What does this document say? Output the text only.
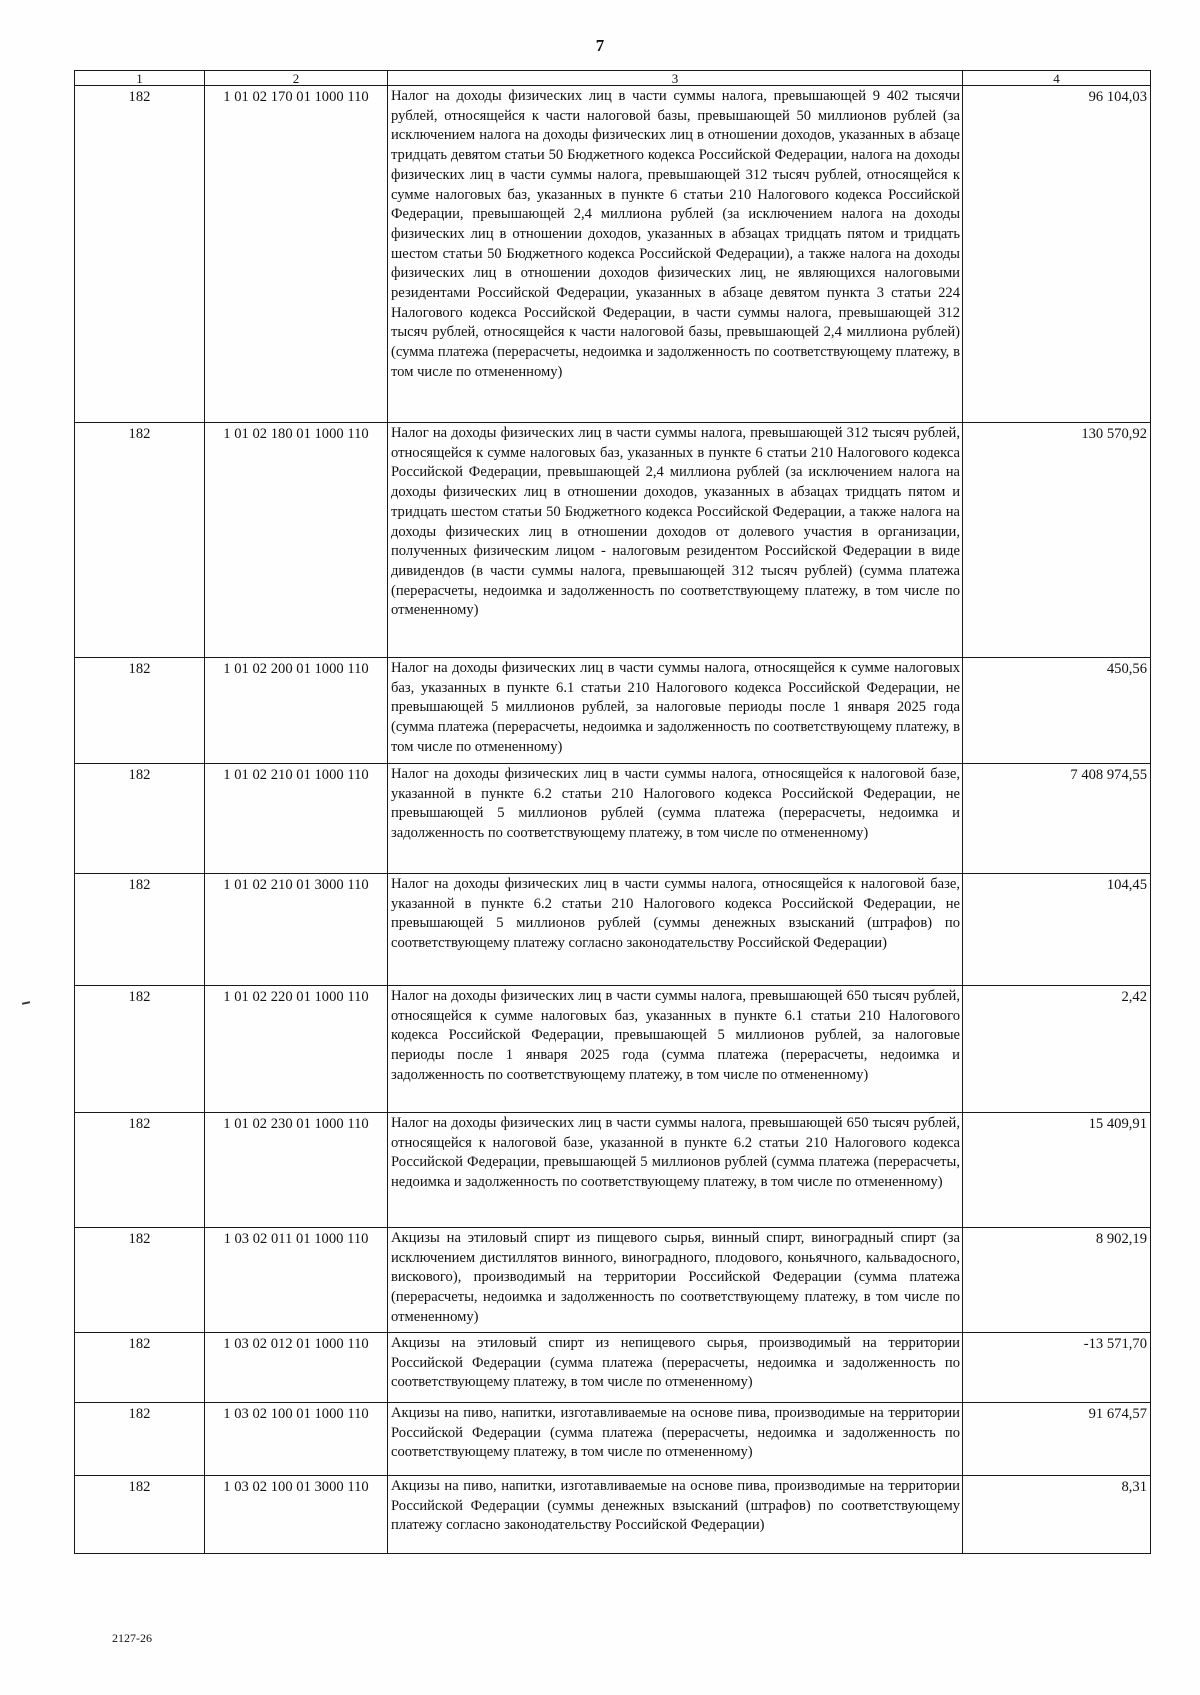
7
1	2	3	4
182	1 01 02 170 01 1000 110	Налог на доходы физических лиц в части суммы налога, превышающей 9 402 тысячи рублей, относящейся к части налоговой базы, превышающей 50 миллионов рублей (за исключением налога на доходы физических лиц в отношении доходов, указанных в абзаце тридцать девятом статьи 50 Бюджетного кодекса Российской Федерации, налога на доходы физических лиц в части суммы налога, превышающей 312 тысяч рублей, относящейся к сумме налоговых баз, указанных в пункте 6 статьи 210 Налогового кодекса Российской Федерации, превышающей 2,4 миллиона рублей (за исключением налога на доходы физических лиц в отношении доходов, указанных в абзацах тридцать пятом и тридцать шестом статьи 50 Бюджетного кодекса Российской Федерации), а также налога на доходы физических лиц в отношении доходов физических лиц, не являющихся налоговыми резидентами Российской Федерации, указанных в абзаце девятом пункта 3 статьи 224 Налогового кодекса Российской Федерации, в части суммы налога, превышающей 312 тысяч рублей, относящейся к части налоговой базы, превышающей 2,4 миллиона рублей) (сумма платежа (перерасчеты, недоимка и задолженность по соответствующему платежу, в том числе по отмененному)	96 104,03
182	1 01 02 180 01 1000 110	Налог на доходы физических лиц в части суммы налога, превышающей 312 тысяч рублей, относящейся к сумме налоговых баз, указанных в пункте 6 статьи 210 Налогового кодекса Российской Федерации, превышающей 2,4 миллиона рублей (за исключением налога на доходы физических лиц в отношении доходов, указанных в абзацах тридцать пятом и тридцать шестом статьи 50 Бюджетного кодекса Российской Федерации, а также налога на доходы физических лиц в отношении доходов от долевого участия в организации, полученных физическим лицом - налоговым резидентом Российской Федерации в виде дивидендов (в части суммы налога, превышающей 312 тысяч рублей) (сумма платежа (перерасчеты, недоимка и задолженность по соответствующему платежу, в том числе по отмененному)	130 570,92
182	1 01 02 200 01 1000 110	Налог на доходы физических лиц в части суммы налога, относящейся к сумме налоговых баз, указанных в пункте 6.1 статьи 210 Налогового кодекса Российской Федерации, не превышающей 5 миллионов рублей, за налоговые периоды после 1 января 2025 года (сумма платежа (перерасчеты, недоимка и задолженность по соответствующему платежу, в том числе по отмененному)	450,56
182	1 01 02 210 01 1000 110	Налог на доходы физических лиц в части суммы налога, относящейся к налоговой базе, указанной в пункте 6.2 статьи 210 Налогового кодекса Российской Федерации, не превышающей 5 миллионов рублей (сумма платежа (перерасчеты, недоимка и задолженность по соответствующему платежу, в том числе по отмененному)	7 408 974,55
182	1 01 02 210 01 3000 110	Налог на доходы физических лиц в части суммы налога, относящейся к налоговой базе, указанной в пункте 6.2 статьи 210 Налогового кодекса Российской Федерации, не превышающей 5 миллионов рублей (суммы денежных взысканий (штрафов) по соответствующему платежу согласно законодательству Российской Федерации)	104,45
182	1 01 02 220 01 1000 110	Налог на доходы физических лиц в части суммы налога, превышающей 650 тысяч рублей, относящейся к сумме налоговых баз, указанных в пункте 6.1 статьи 210 Налогового кодекса Российской Федерации, превышающей 5 миллионов рублей, за налоговые периоды после 1 января 2025 года (сумма платежа (перерасчеты, недоимка и задолженность по соответствующему платежу, в том числе по отмененному)	2,42
182	1 01 02 230 01 1000 110	Налог на доходы физических лиц в части суммы налога, превышающей 650 тысяч рублей, относящейся к налоговой базе, указанной в пункте 6.2 статьи 210 Налогового кодекса Российской Федерации, превышающей 5 миллионов рублей (сумма платежа (перерасчеты, недоимка и задолженность по соответствующему платежу, в том числе по отмененному)	15 409,91
182	1 03 02 011 01 1000 110	Акцизы на этиловый спирт из пищевого сырья, винный спирт, виноградный спирт (за исключением дистиллятов винного, виноградного, плодового, коньячного, кальвадосного, вискового), производимый на территории Российской Федерации (сумма платежа (перерасчеты, недоимка и задолженность по соответствующему платежу, в том числе по отмененному)	8 902,19
182	1 03 02 012 01 1000 110	Акцизы на этиловый спирт из непищевого сырья, производимый на территории Российской Федерации (сумма платежа (перерасчеты, недоимка и задолженность по соответствующему платежу, в том числе по отмененному)	-13 571,70
182	1 03 02 100 01 1000 110	Акцизы на пиво, напитки, изготавливаемые на основе пива, производимые на территории Российской Федерации (сумма платежа (перерасчеты, недоимка и задолженность по соответствующему платежу, в том числе по отмененному)	91 674,57
182	1 03 02 100 01 3000 110	Акцизы на пиво, напитки, изготавливаемые на основе пива, производимые на территории Российской Федерации (суммы денежных взысканий (штрафов) по соответствующему платежу согласно законодательству Российской Федерации)	8,31
2127-26
